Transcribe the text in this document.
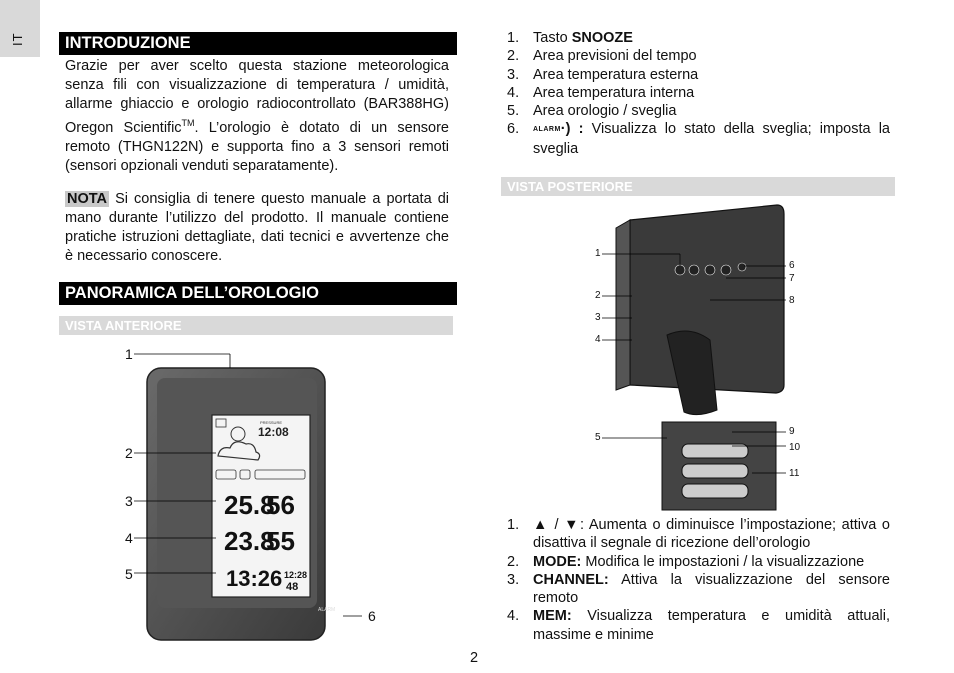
IT	INTRODUZIONE
Grazie per aver scelto questa stazione meteorologica senza fili con visualizzazione di temperatura / umidità, allarme ghiaccio e orologio radiocontrollato (BAR388HG) Oregon Scientific™. L’orologio è dotato di un sensore remoto (THGN122N) e supporta fino a 3 sensori remoti (sensori opzionali venduti separatamente).
NOTA Si consiglia di tenere questo manuale a portata di mano durante l’utilizzo del prodotto. Il manuale contiene pratiche istruzioni dettagliate, dati tecnici e avvertenze che è necessario conoscere.
PANORAMICA DELL’OROLOGIO
VISTA ANTERIORE
PRESSURE
12:08
25.8
56
23.8
55
13:26 12:28
48
ALARM
1
2
3
4
5
6
1. Tasto SNOOZE
2. Area previsioni del tempo
3. Area temperatura esterna
4. Area temperatura interna
5. Area orologio / sveglia
6. ALARM·) : Visualizza lo stato della sveglia; imposta la sveglia
VISTA POSTERIORE
1
2
3
4
5
6
7
8
9
10
11
1. ▲ / ▼: Aumenta o diminuisce l’impostazione; attiva o disattiva il segnale di ricezione dell’orologio
2. MODE: Modifica le impostazioni / la visualizzazione
3. CHANNEL: Attiva la visualizzazione del sensore remoto
4. MEM: Visualizza temperatura e umidità attuali, massime e minime
2
